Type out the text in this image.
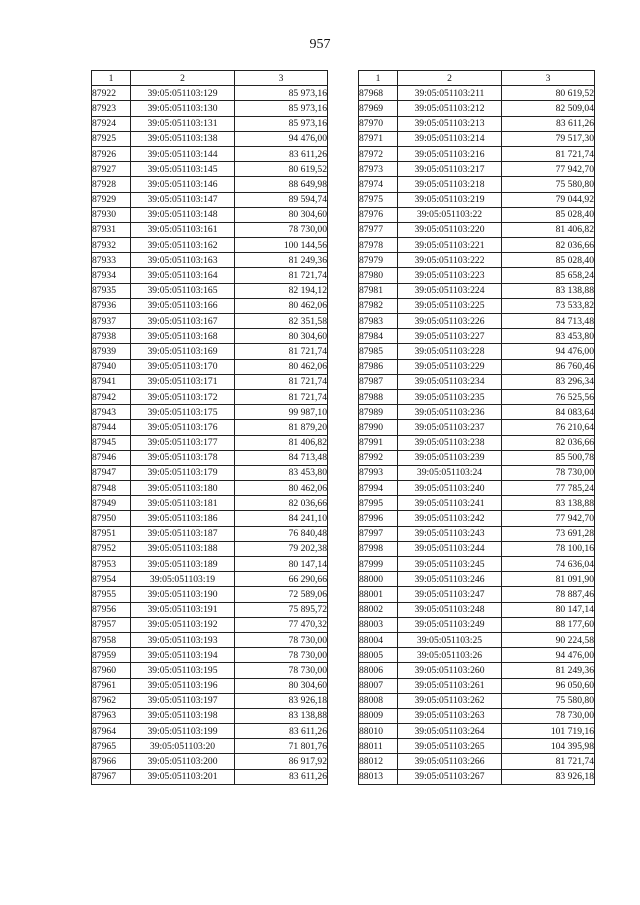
957
1	2	3
87922	39:05:051103:129	85 973,16
87923	39:05:051103:130	85 973,16
87924	39:05:051103:131	85 973,16
87925	39:05:051103:138	94 476,00
87926	39:05:051103:144	83 611,26
87927	39:05:051103:145	80 619,52
87928	39:05:051103:146	88 649,98
87929	39:05:051103:147	89 594,74
87930	39:05:051103:148	80 304,60
87931	39:05:051103:161	78 730,00
87932	39:05:051103:162	100 144,56
87933	39:05:051103:163	81 249,36
87934	39:05:051103:164	81 721,74
87935	39:05:051103:165	82 194,12
87936	39:05:051103:166	80 462,06
87937	39:05:051103:167	82 351,58
87938	39:05:051103:168	80 304,60
87939	39:05:051103:169	81 721,74
87940	39:05:051103:170	80 462,06
87941	39:05:051103:171	81 721,74
87942	39:05:051103:172	81 721,74
87943	39:05:051103:175	99 987,10
87944	39:05:051103:176	81 879,20
87945	39:05:051103:177	81 406,82
87946	39:05:051103:178	84 713,48
87947	39:05:051103:179	83 453,80
87948	39:05:051103:180	80 462,06
87949	39:05:051103:181	82 036,66
87950	39:05:051103:186	84 241,10
87951	39:05:051103:187	76 840,48
87952	39:05:051103:188	79 202,38
87953	39:05:051103:189	80 147,14
87954	39:05:051103:19	66 290,66
87955	39:05:051103:190	72 589,06
87956	39:05:051103:191	75 895,72
87957	39:05:051103:192	77 470,32
87958	39:05:051103:193	78 730,00
87959	39:05:051103:194	78 730,00
87960	39:05:051103:195	78 730,00
87961	39:05:051103:196	80 304,60
87962	39:05:051103:197	83 926,18
87963	39:05:051103:198	83 138,88
87964	39:05:051103:199	83 611,26
87965	39:05:051103:20	71 801,76
87966	39:05:051103:200	86 917,92
87967	39:05:051103:201	83 611,26
1	2	3
87968	39:05:051103:211	80 619,52
87969	39:05:051103:212	82 509,04
87970	39:05:051103:213	83 611,26
87971	39:05:051103:214	79 517,30
87972	39:05:051103:216	81 721,74
87973	39:05:051103:217	77 942,70
87974	39:05:051103:218	75 580,80
87975	39:05:051103:219	79 044,92
87976	39:05:051103:22	85 028,40
87977	39:05:051103:220	81 406,82
87978	39:05:051103:221	82 036,66
87979	39:05:051103:222	85 028,40
87980	39:05:051103:223	85 658,24
87981	39:05:051103:224	83 138,88
87982	39:05:051103:225	73 533,82
87983	39:05:051103:226	84 713,48
87984	39:05:051103:227	83 453,80
87985	39:05:051103:228	94 476,00
87986	39:05:051103:229	86 760,46
87987	39:05:051103:234	83 296,34
87988	39:05:051103:235	76 525,56
87989	39:05:051103:236	84 083,64
87990	39:05:051103:237	76 210,64
87991	39:05:051103:238	82 036,66
87992	39:05:051103:239	85 500,78
87993	39:05:051103:24	78 730,00
87994	39:05:051103:240	77 785,24
87995	39:05:051103:241	83 138,88
87996	39:05:051103:242	77 942,70
87997	39:05:051103:243	73 691,28
87998	39:05:051103:244	78 100,16
87999	39:05:051103:245	74 636,04
88000	39:05:051103:246	81 091,90
88001	39:05:051103:247	78 887,46
88002	39:05:051103:248	80 147,14
88003	39:05:051103:249	88 177,60
88004	39:05:051103:25	90 224,58
88005	39:05:051103:26	94 476,00
88006	39:05:051103:260	81 249,36
88007	39:05:051103:261	96 050,60
88008	39:05:051103:262	75 580,80
88009	39:05:051103:263	78 730,00
88010	39:05:051103:264	101 719,16
88011	39:05:051103:265	104 395,98
88012	39:05:051103:266	81 721,74
88013	39:05:051103:267	83 926,18
